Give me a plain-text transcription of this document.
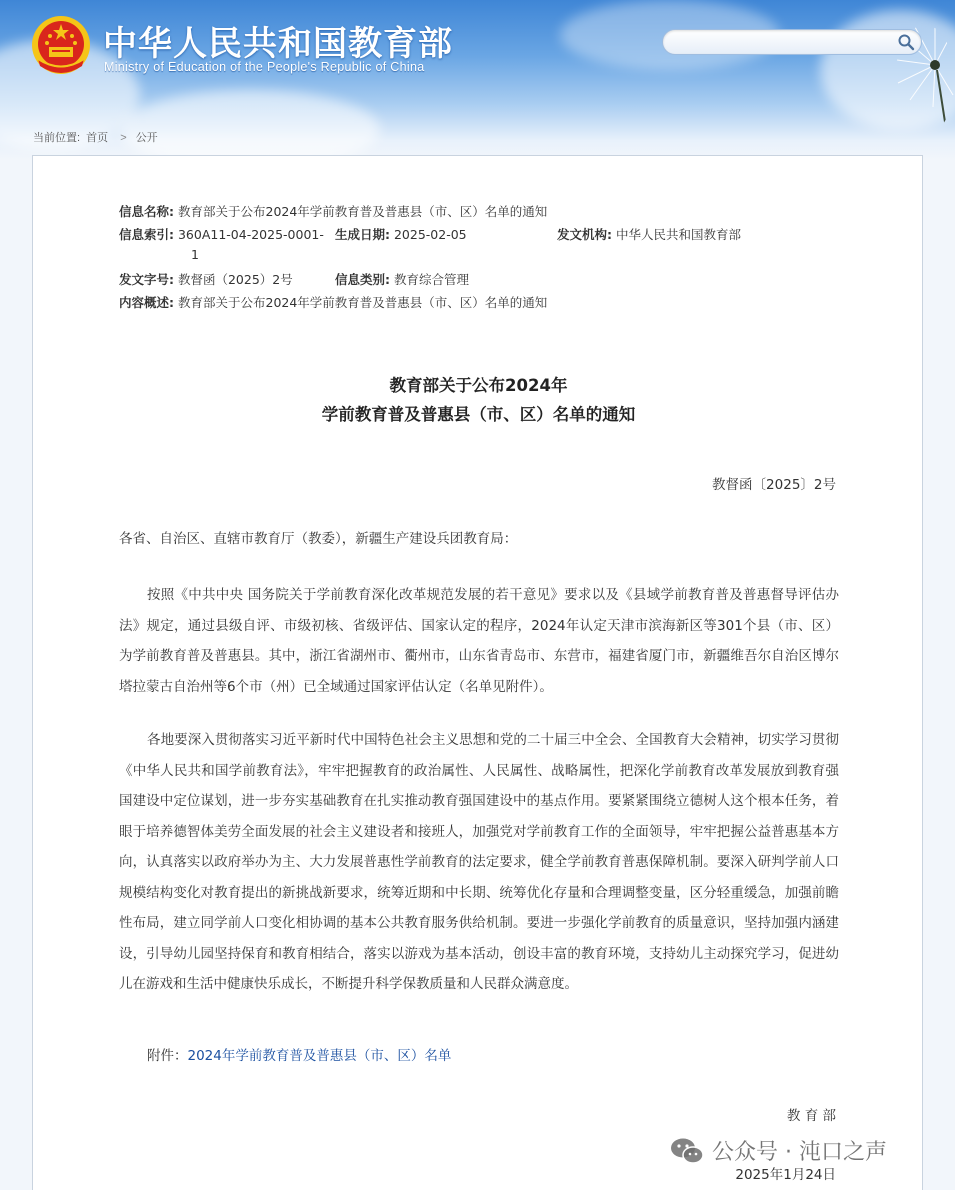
中华人民共和国教育部
Ministry of Education of the People's Republic of China
当前位置: 首页 > 公开
信息名称: 教育部关于公布2024年学前教育普及普惠县（市、区）名单的通知
信息索引: 360A11-04-2025-0001-
1
生成日期: 2025-02-05	发文机构: 中华人民共和国教育部
发文字号: 教督函（2025）2号	信息类别: 教育综合管理
内容概述: 教育部关于公布2024年学前教育普及普惠县（市、区）名单的通知
教育部关于公布2024年
学前教育普及普惠县（市、区）名单的通知
教督函〔2025〕2号
各省、自治区、直辖市教育厅（教委），新疆生产建设兵团教育局：
按照《中共中央 国务院关于学前教育深化改革规范发展的若干意见》要求以及《县域学前教育普及普惠督导评估办法》规定，通过县级自评、市级初核、省级评估、国家认定的程序，2024年认定天津市滨海新区等301个县（市、区）为学前教育普及普惠县。其中，浙江省湖州市、衢州市，山东省青岛市、东营市，福建省厦门市，新疆维吾尔自治区博尔塔拉蒙古自治州等6个市（州）已全域通过国家评估认定（名单见附件）。
各地要深入贯彻落实习近平新时代中国特色社会主义思想和党的二十届三中全会、全国教育大会精神，切实学习贯彻《中华人民共和国学前教育法》，牢牢把握教育的政治属性、人民属性、战略属性，把深化学前教育改革发展放到教育强国建设中定位谋划，进一步夯实基础教育在扎实推动教育强国建设中的基点作用。要紧紧围绕立德树人这个根本任务，着眼于培养德智体美劳全面发展的社会主义建设者和接班人，加强党对学前教育工作的全面领导，牢牢把握公益普惠基本方向，认真落实以政府举办为主、大力发展普惠性学前教育的法定要求，健全学前教育普惠保障机制。要深入研判学前人口规模结构变化对教育提出的新挑战新要求，统筹近期和中长期、统筹优化存量和合理调整变量，区分轻重缓急，加强前瞻性布局，建立同学前人口变化相协调的基本公共教育服务供给机制。要进一步强化学前教育的质量意识，坚持加强内涵建设，引导幼儿园坚持保育和教育相结合，落实以游戏为基本活动，创设丰富的教育环境，支持幼儿主动探究学习，促进幼儿在游戏和生活中健康快乐成长，不断提升科学保教质量和人民群众满意度。
附件：2024年学前教育普及普惠县（市、区）名单
教 育 部
2025年1月24日
公众号 · 沌口之声
